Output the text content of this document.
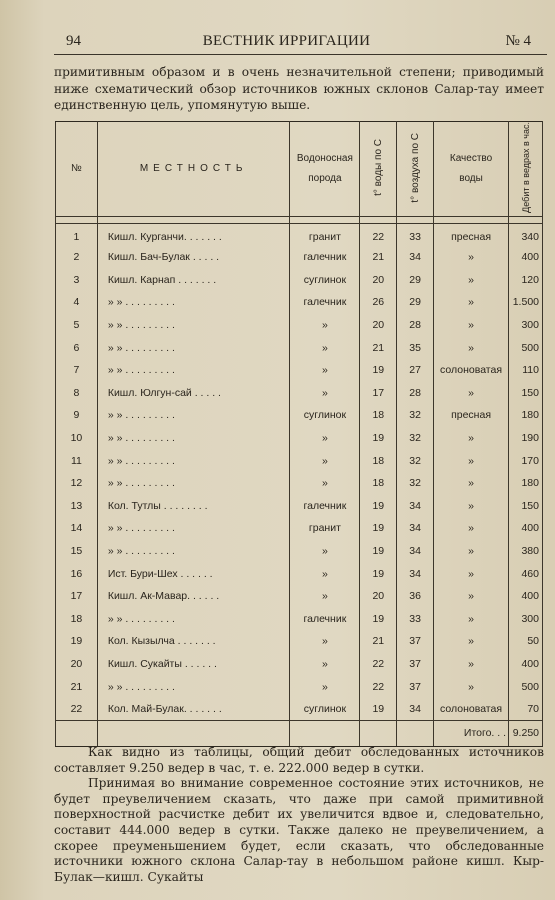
94	ВЕСТНИК ИРРИГАЦИИ	№ 4

примитивным образом и в очень незначительной степени; приводимый ниже схематический обзор источников южных склонов Салар-тау имеет единственную цель, упомянутую выше.

№	МЕСТНОСТЬ	Водоносная порода	t° воды по С	t° воздуха по С	Качество воды	Дебит в ведрах в час.

1	Кишл. Курганчи. . . . . . .	гранит	22	33	пресная	340
2	Кишл. Бач-Булак . . . . .	галечник	21	34	»	400
3	Кишл. Карнап . . . . . . .	суглинок	20	29	»	120
4	» » . . . . . . . . .	галечник	26	29	»	1.500
5	» » . . . . . . . . .	»	20	28	»	300
6	» » . . . . . . . . .	»	21	35	»	500
7	» » . . . . . . . . .	»	19	27	солоноватая	110
8	Кишл. Юлгун-сай . . . . .	»	17	28	»	150
9	» » . . . . . . . . .	суглинок	18	32	пресная	180
10	» » . . . . . . . . .	»	19	32	»	190
11	» » . . . . . . . . .	»	18	32	»	170
12	» » . . . . . . . . .	»	18	32	»	180
13	Кол. Тутлы . . . . . . . .	галечник	19	34	»	150
14	» » . . . . . . . . .	гранит	19	34	»	400
15	» » . . . . . . . . .	»	19	34	»	380
16	Ист. Бури-Шех . . . . . .	»	19	34	»	460
17	Кишл. Ак-Мавар. . . . . .	»	20	36	»	400
18	» » . . . . . . . . .	галечник	19	33	»	300
19	Кол. Кызылча . . . . . . .	»	21	37	»	50
20	Кишл. Сукайты . . . . . .	»	22	37	»	400
21	» » . . . . . . . . .	»	22	37	»	500
22	Кол. Май-Булак. . . . . . .	суглинок	19	34	солоноватая	70
					Итого. . .	9.250

Как видно из таблицы, общий дебит обследованных источников составляет 9.250 ведер в час, т. е. 222.000 ведер в сутки.

Принимая во внимание современное состояние этих источников, не будет преувеличением сказать, что даже при самой примитивной поверхностной расчистке дебит их увеличится вдвое и, следовательно, составит 444.000 ведер в сутки. Также далеко не преувеличением, а скорее преуменьшением будет, если сказать, что обследованные источники южного склона Салар-тау в небольшом районе кишл. Кыр-Булак—кишл. Сукайты
